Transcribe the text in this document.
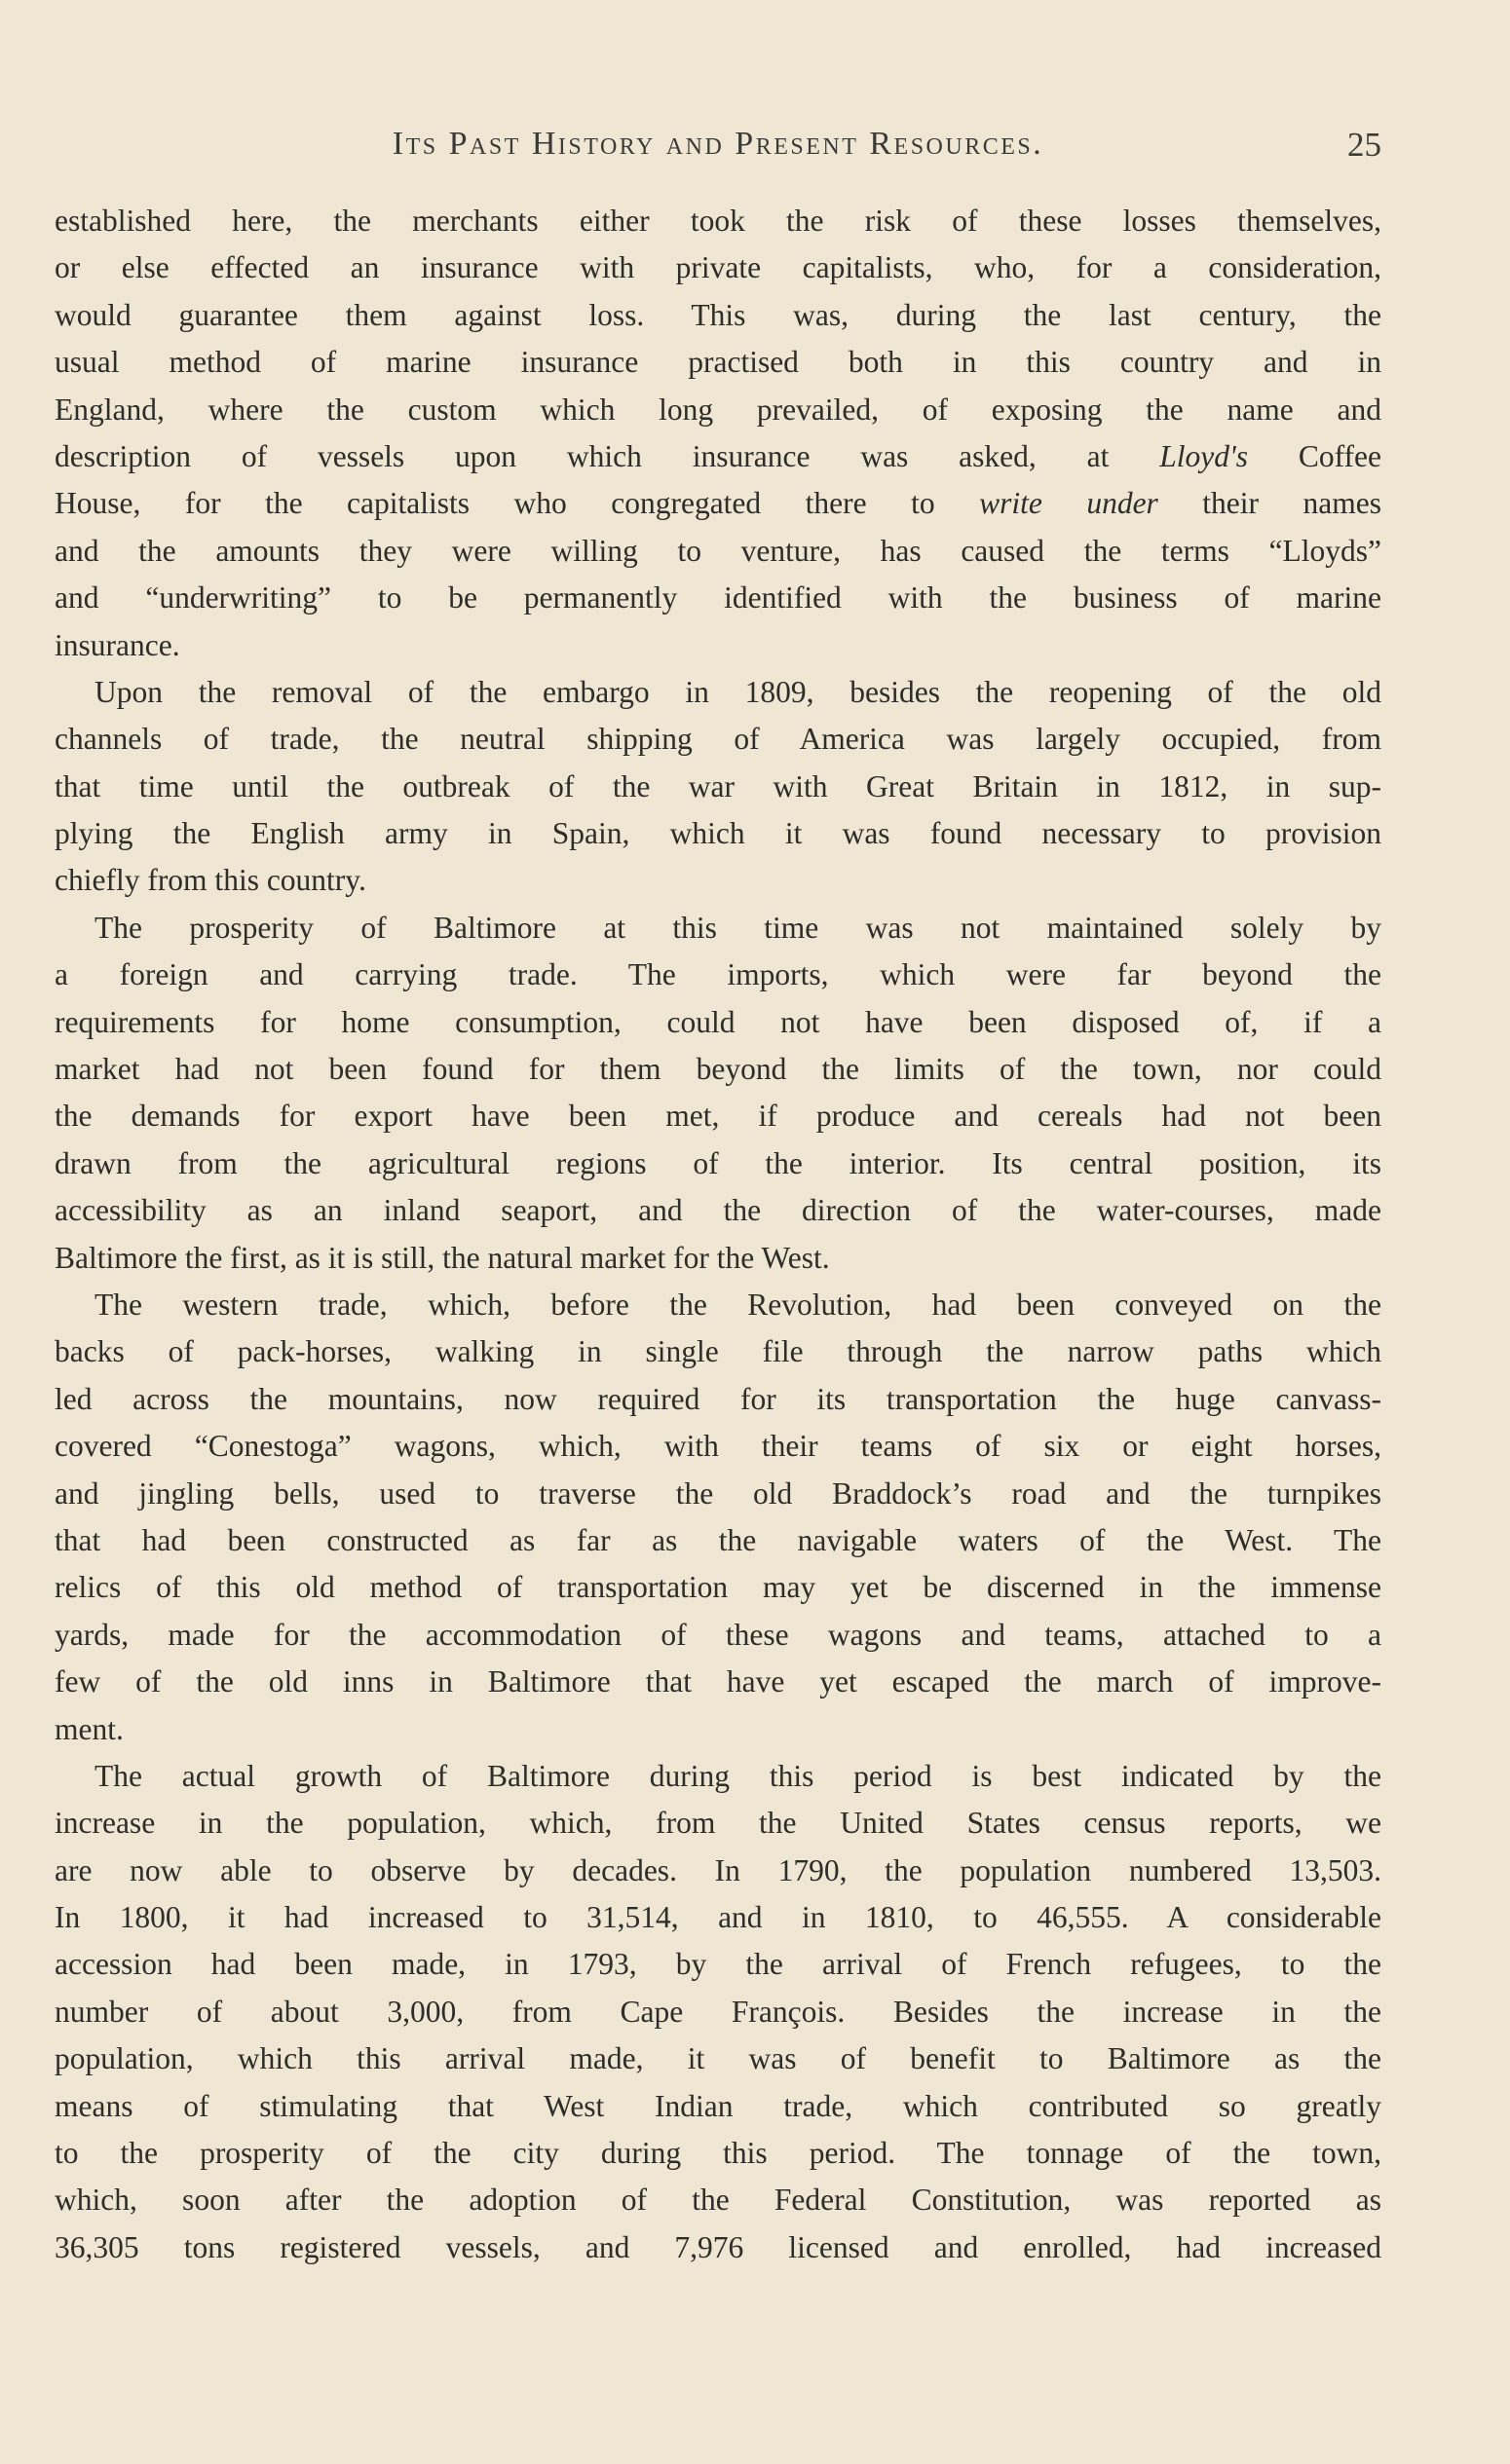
Its Past History and Present Resources.	25
established here, the merchants either took the risk of these losses themselves,
or else effected an insurance with private capitalists, who, for a consideration,
would guarantee them against loss. This was, during the last century, the
usual method of marine insurance practised both in this country and in
England, where the custom which long prevailed, of exposing the name and
description of vessels upon which insurance was asked, at Lloyd's Coffee
House, for the capitalists who congregated there to write under their names
and the amounts they were willing to venture, has caused the terms “Lloyds”
and “underwriting” to be permanently identified with the business of marine
insurance.
Upon the removal of the embargo in 1809, besides the reopening of the old
channels of trade, the neutral shipping of America was largely occupied, from
that time until the outbreak of the war with Great Britain in 1812, in sup-
plying the English army in Spain, which it was found necessary to provision
chiefly from this country.
The prosperity of Baltimore at this time was not maintained solely by
a foreign and carrying trade. The imports, which were far beyond the
requirements for home consumption, could not have been disposed of, if a
market had not been found for them beyond the limits of the town, nor could
the demands for export have been met, if produce and cereals had not been
drawn from the agricultural regions of the interior. Its central position, its
accessibility as an inland seaport, and the direction of the water-courses, made
Baltimore the first, as it is still, the natural market for the West.
The western trade, which, before the Revolution, had been conveyed on the
backs of pack-horses, walking in single file through the narrow paths which
led across the mountains, now required for its transportation the huge canvass-
covered “Conestoga” wagons, which, with their teams of six or eight horses,
and jingling bells, used to traverse the old Braddock’s road and the turnpikes
that had been constructed as far as the navigable waters of the West. The
relics of this old method of transportation may yet be discerned in the immense
yards, made for the accommodation of these wagons and teams, attached to a
few of the old inns in Baltimore that have yet escaped the march of improve-
ment.
The actual growth of Baltimore during this period is best indicated by the
increase in the population, which, from the United States census reports, we
are now able to observe by decades. In 1790, the population numbered 13,503.
In 1800, it had increased to 31,514, and in 1810, to 46,555. A considerable
accession had been made, in 1793, by the arrival of French refugees, to the
number of about 3,000, from Cape François. Besides the increase in the
population, which this arrival made, it was of benefit to Baltimore as the
means of stimulating that West Indian trade, which contributed so greatly
to the prosperity of the city during this period. The tonnage of the town,
which, soon after the adoption of the Federal Constitution, was reported as
36,305 tons registered vessels, and 7,976 licensed and enrolled, had increased
